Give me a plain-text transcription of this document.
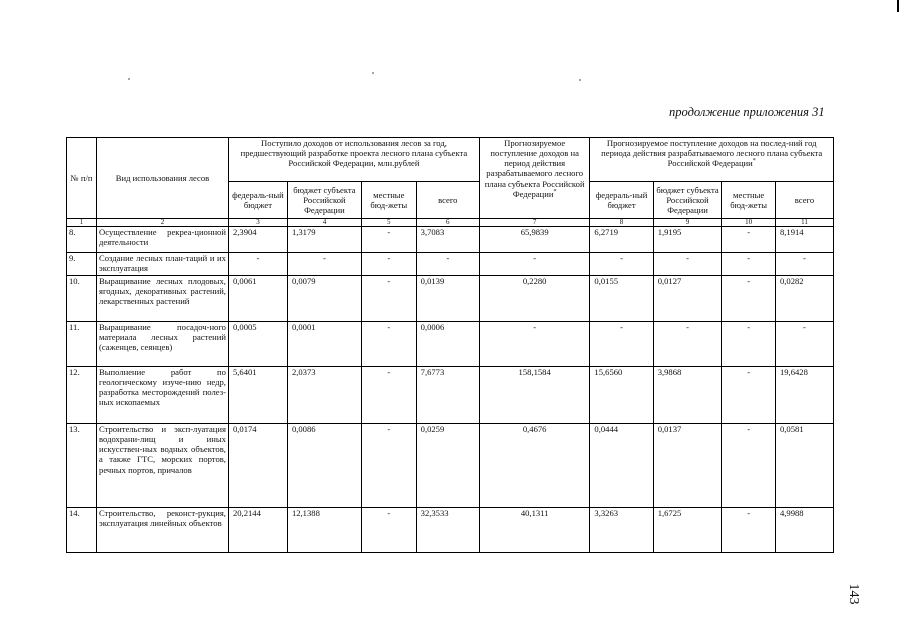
продолжение приложения 31
№ п/п	Вид использования лесов	Поступило доходов от использования лесов за год, предшествующий разработке проекта лесного плана субъекта Российской Федерации, млн.рублей				Прогнозируемое поступление доходов на период действия разрабатываемого лесного плана субъекта Российской Федерации*	Прогнозируемое поступление доходов на послед-ний год периода действия разрабатываемого лесного плана субъекта Российской Федерации*
		федераль-ный бюджет	бюджет субъекта Российской Федерации	местные бюд-жеты	всего		федераль-ный бюджет	бюджет субъекта Российской Федерации	местные бюд-жеты	всего
1	2	3	4	5	6	7	8	9	10	11
8.	Осуществление рекреа-ционной деятельности	2,3904	1,3179	-	3,7083	65,9839	6,2719	1,9195	-	8,1914
9.	Создание лесных план-таций и их эксплуатация	-	-	-	-	-	-	-	-	-
10.	Выращивание лесных плодовых, ягодных, декоративных растений, лекарственных растений	0,0061	0,0079	-	0,0139	0,2280	0,0155	0,0127	-	0,0282
11.	Выращивание посадоч-ного материала лесных растений (саженцев, сеянцев)	0,0005	0,0001	-	0,0006	-	-	-	-	-
12.	Выполнение работ по геологическому изуче-нию недр, разработка месторождений полез-ных ископаемых	5,6401	2,0373	-	7,6773	158,1584	15,6560	3,9868	-	19,6428
13.	Строительство и эксп-луатация водохрани-лищ и иных искусствен-ных водных объектов, а также ГТС, морских портов, речных портов, причалов	0,0174	0,0086	-	0,0259	0,4676	0,0444	0,0137	-	0,0581
14.	Строительство, реконст-рукция, эксплуатация линейных объектов	20,2144	12,1388	-	32,3533	40,1311	3,3263	1,6725	-	4,9988
143
